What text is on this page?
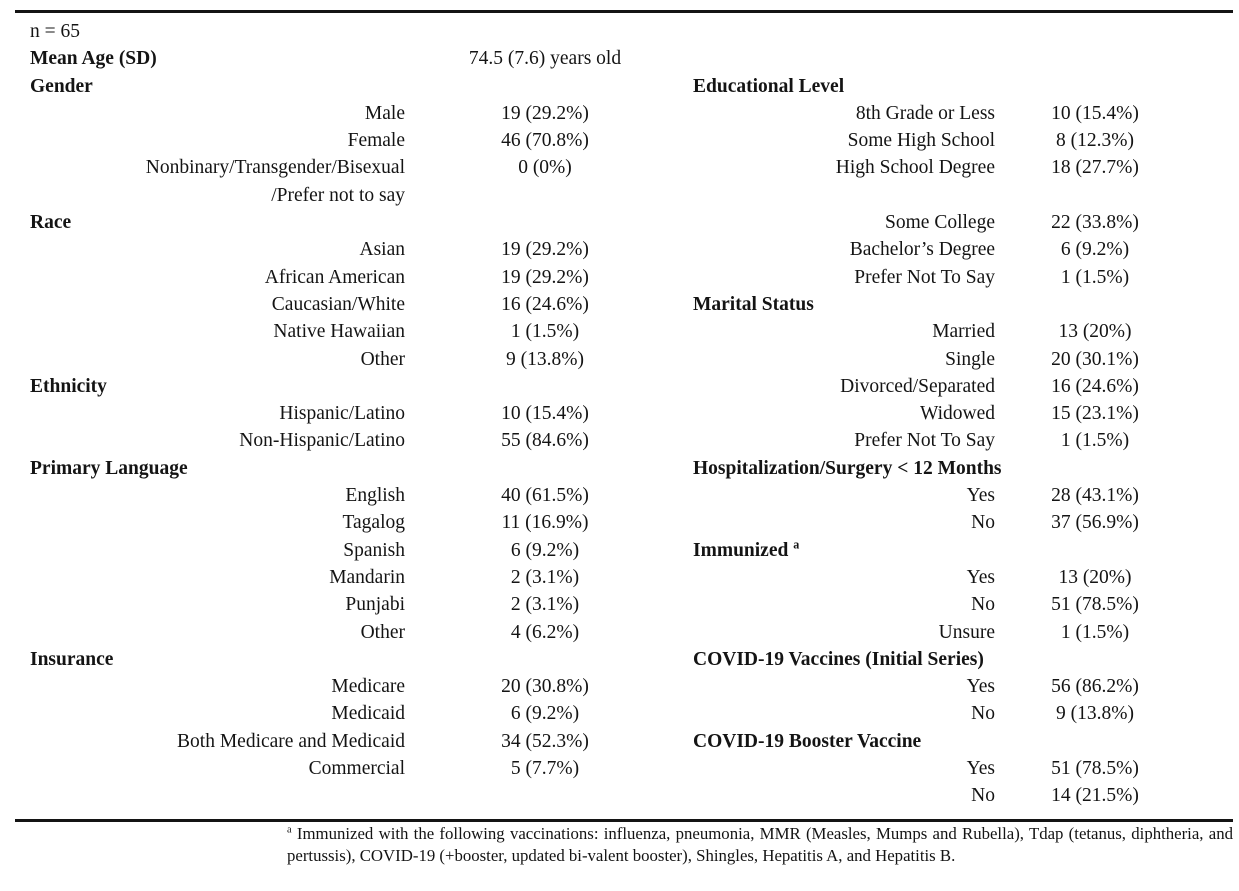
n = 65
Mean Age (SD)	74.5 (7.6) years old
Gender	Educational Level
Male	19 (29.2%)	8th Grade or Less	10 (15.4%)
Female	46 (70.8%)	Some High School	8 (12.3%)
Nonbinary/Transgender/Bisexual
/Prefer not to say
0 (0%)	High School Degree	18 (27.7%)
Race	Some College	22 (33.8%)
Asian	19 (29.2%)	Bachelor’s Degree	6 (9.2%)
African American	19 (29.2%)	Prefer Not To Say	1 (1.5%)
Caucasian/White	16 (24.6%)	Marital Status
Native Hawaiian	1 (1.5%)	Married	13 (20%)
Other	9 (13.8%)	Single	20 (30.1%)
Ethnicity	Divorced/Separated	16 (24.6%)
Hispanic/Latino	10 (15.4%)	Widowed	15 (23.1%)
Non-Hispanic/Latino	55 (84.6%)	Prefer Not To Say	1 (1.5%)
Primary Language	Hospitalization/Surgery < 12 Months
English	40 (61.5%)	Yes	28 (43.1%)
Tagalog	11 (16.9%)	No	37 (56.9%)
Spanish	6 (9.2%)	Immunized $^a$
Mandarin	2 (3.1%)	Yes	13 (20%)
Punjabi	2 (3.1%)	No	51 (78.5%)
Other	4 (6.2%)	Unsure	1 (1.5%)
Insurance	COVID-19 Vaccines (Initial Series)
Medicare	20 (30.8%)	Yes	56 (86.2%)
Medicaid	6 (9.2%)	No	9 (13.8%)
Both Medicare and Medicaid	34 (52.3%)	COVID-19 Booster Vaccine
Commercial	5 (7.7%)	Yes	51 (78.5%)
No	14 (21.5%)
$^a$ Immunized with the following vaccinations: influenza, pneumonia, MMR (Measles, Mumps and Rubella), Tdap (tetanus, diphtheria, and pertussis), COVID-19 (+booster, updated bi-valent booster), Shingles, Hepatitis A, and Hepatitis B.
